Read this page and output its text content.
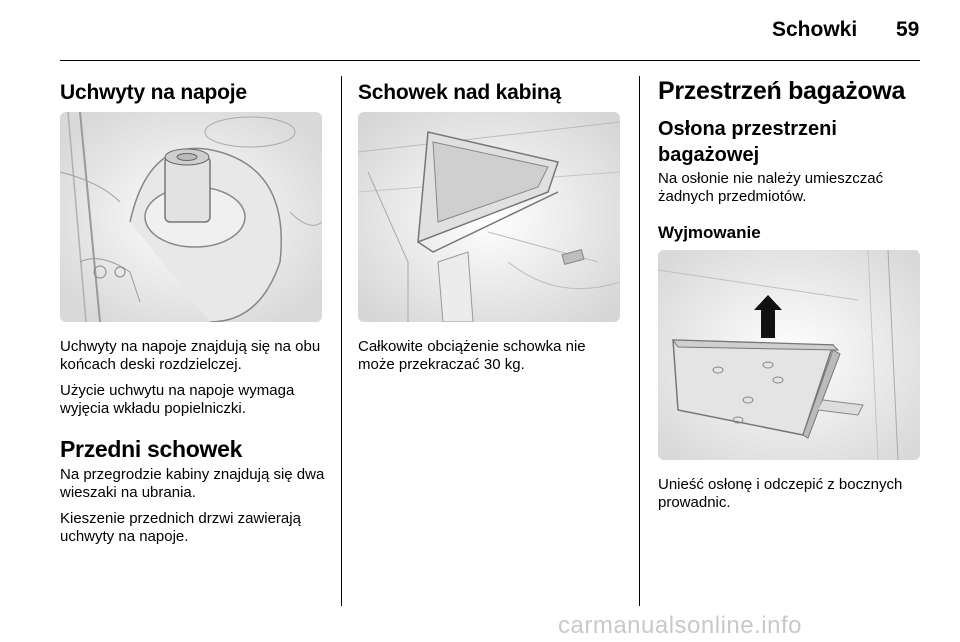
Schowki 59
Uchwyty na napoje

Uchwyty na napoje znajdują się na obu końcach deski rozdzielczej.

Użycie uchwytu na napoje wymaga wyjęcia wkładu popielniczki.

Przedni schowek

Na przegrodzie kabiny znajdują się dwa wieszaki na ubrania.

Kieszenie przednich drzwi zawierają uchwyty na napoje.

Schowek nad kabiną

Całkowite obciążenie schowka nie może przekraczać 30 kg.

Przestrzeń bagażowa
Osłona przestrzeni bagażowej

Na osłonie nie należy umieszczać żadnych przedmiotów.

Wyjmowanie

Unieść osłonę i odczepić z bocznych prowadnic.

carmanualsonline.info
